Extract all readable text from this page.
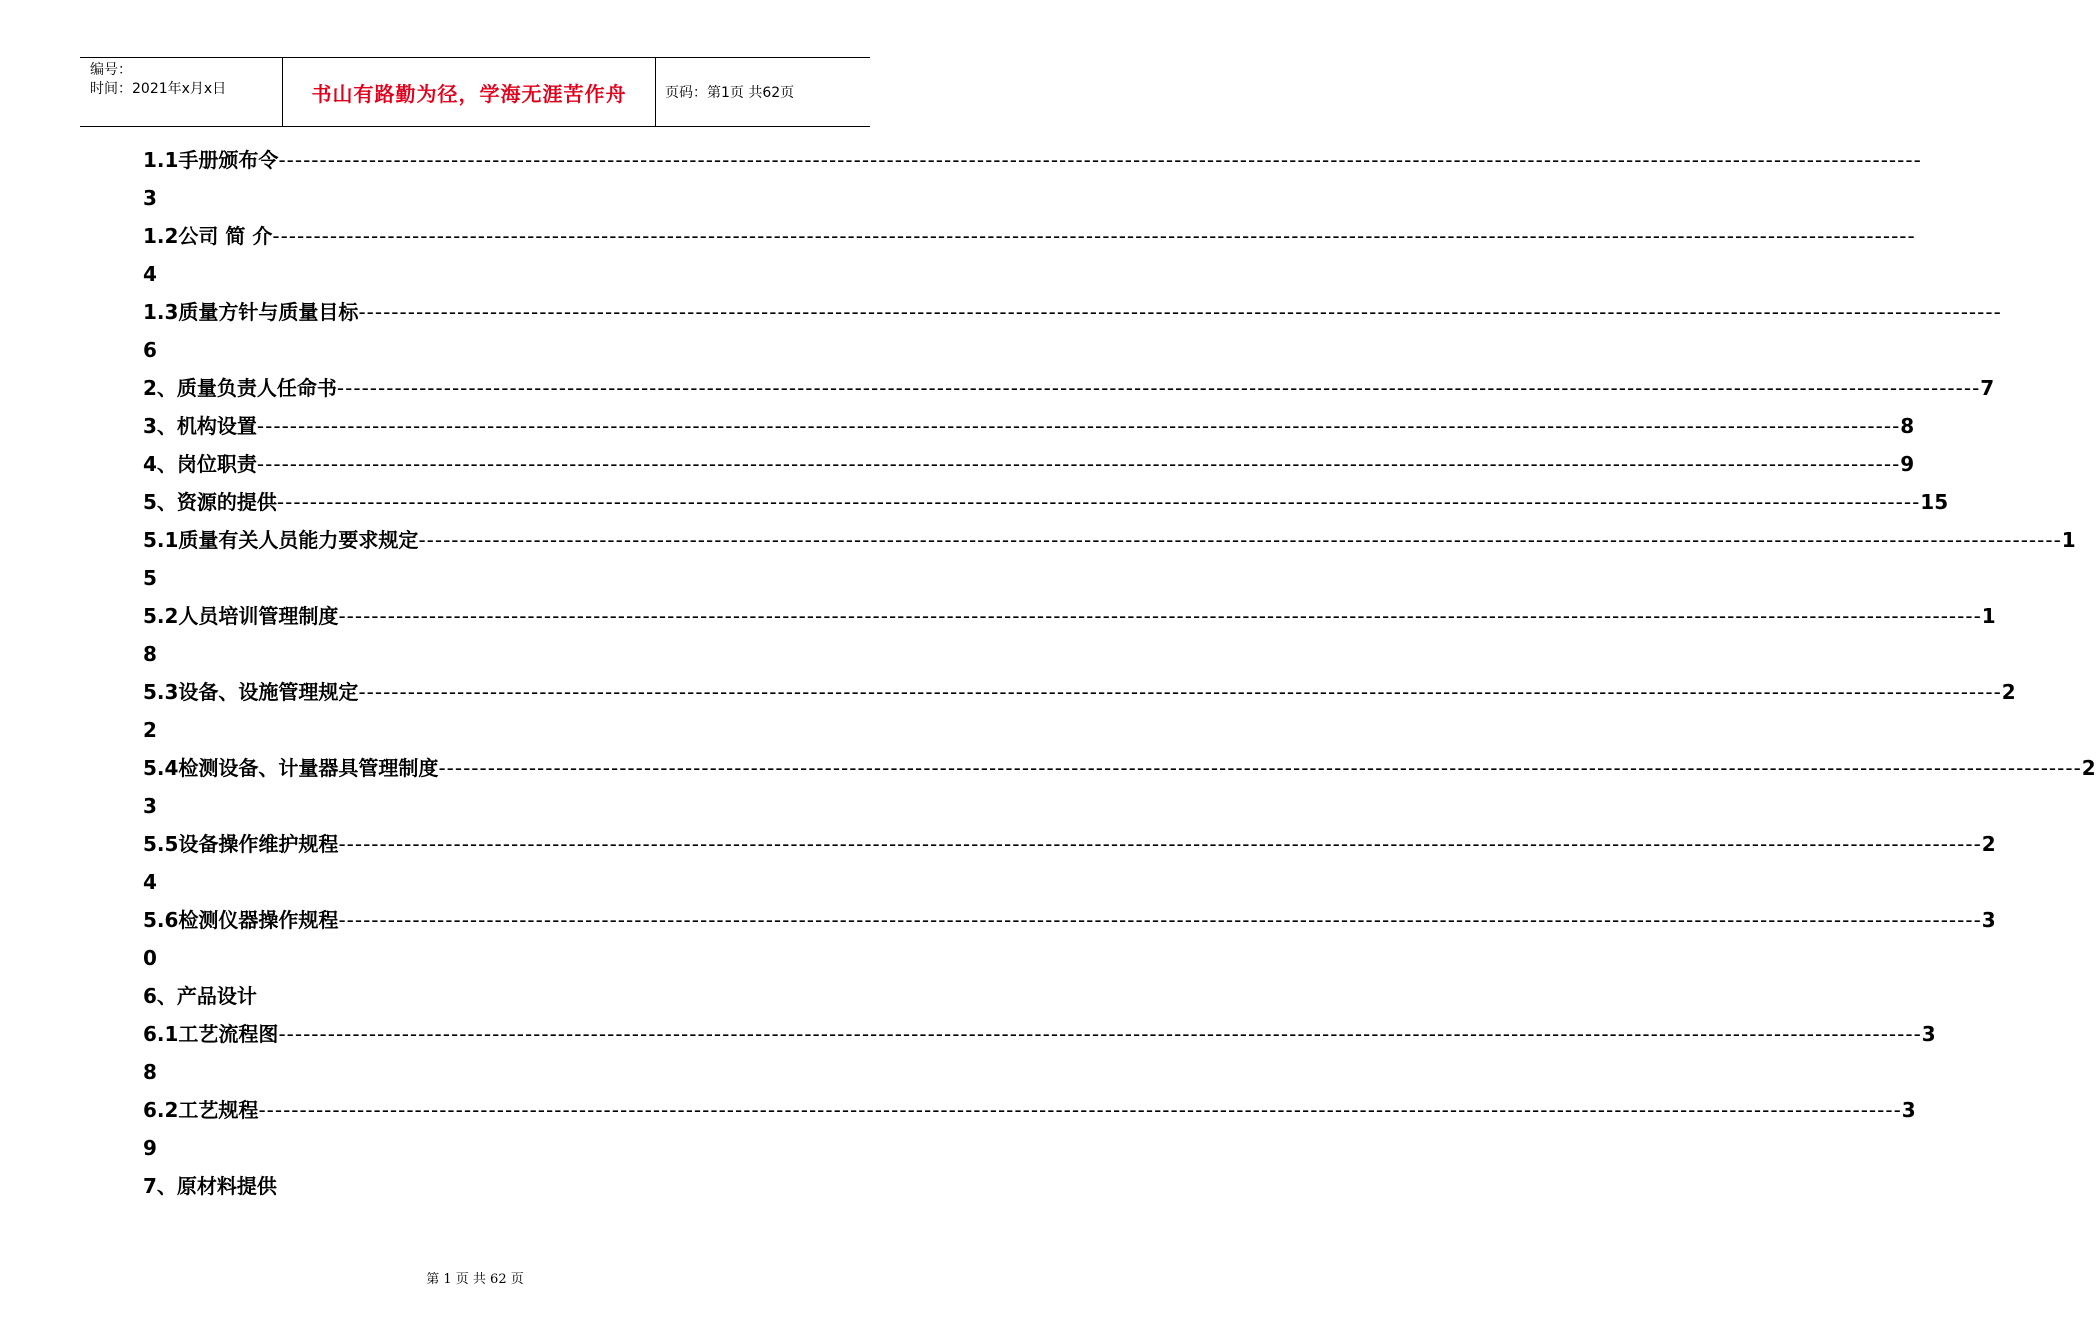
编号：
时间：2021年x月x日	书山有路勤为径，学海无涯苦作舟	页码：第1页 共62页
1.1手册颁布令 --------------------------------------------------------------------------------------------------------------------------------------------------------------------------------------------------------
3
1.2公司 简 介 --------------------------------------------------------------------------------------------------------------------------------------------------------------------------------------------------------
4
1.3质量方针与质量目标 --------------------------------------------------------------------------------------------------------------------------------------------------------------------------------------------------------
6
2、质量负责人任命书 -------------------------------------------------------------------------------------------------------------------------------------------------------------------------------------------------------- 7
3、机构设置 -------------------------------------------------------------------------------------------------------------------------------------------------------------------------------------------------------- 8
4、岗位职责 -------------------------------------------------------------------------------------------------------------------------------------------------------------------------------------------------------- 9
5、资源的提供 -------------------------------------------------------------------------------------------------------------------------------------------------------------------------------------------------------- 15
5.1质量有关人员能力要求规定 -------------------------------------------------------------------------------------------------------------------------------------------------------------------------------------------------------- 1
5
5.2人员培训管理制度 -------------------------------------------------------------------------------------------------------------------------------------------------------------------------------------------------------- 1
8
5.3设备、设施管理规定 -------------------------------------------------------------------------------------------------------------------------------------------------------------------------------------------------------- 2
2
5.4检测设备、计量器具管理制度 -------------------------------------------------------------------------------------------------------------------------------------------------------------------------------------------------------- 2
3
5.5设备操作维护规程 -------------------------------------------------------------------------------------------------------------------------------------------------------------------------------------------------------- 2
4
5.6检测仪器操作规程 -------------------------------------------------------------------------------------------------------------------------------------------------------------------------------------------------------- 3
0
6、产品设计
6.1工艺流程图 -------------------------------------------------------------------------------------------------------------------------------------------------------------------------------------------------------- 3
8
6.2工艺规程 -------------------------------------------------------------------------------------------------------------------------------------------------------------------------------------------------------- 3
9
7、原材料提供
第 1 页 共 62 页
